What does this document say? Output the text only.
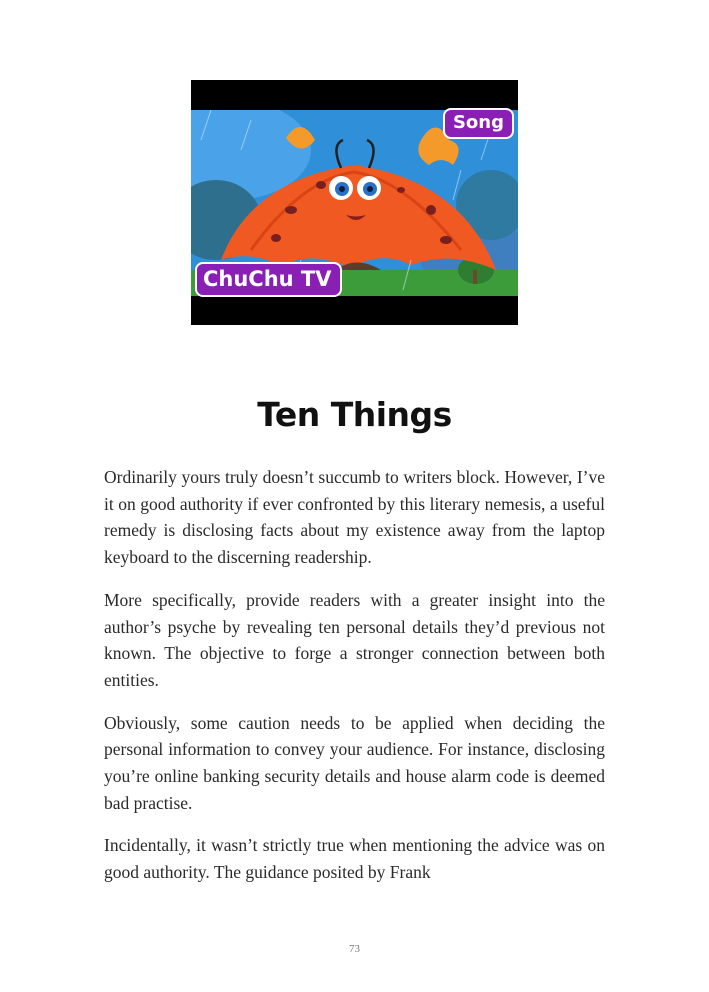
Song
ChuChu TV
Ten Things

Ordinarily yours truly doesn’t succumb to writers block. However, I’ve it on good authority if ever confronted by this literary nemesis, a useful remedy is disclosing facts about my existence away from the laptop keyboard to the discerning readership.

More specifically, provide readers with a greater insight into the author’s psyche by revealing ten personal details they’d previous not known. The objective to forge a stronger connection between both entities.

Obviously, some caution needs to be applied when deciding the personal information to convey your audience. For instance, disclosing you’re online banking security details and house alarm code is deemed bad practise.

Incidentally, it wasn’t strictly true when mentioning the advice was on good authority. The guidance posited by Frank

73
